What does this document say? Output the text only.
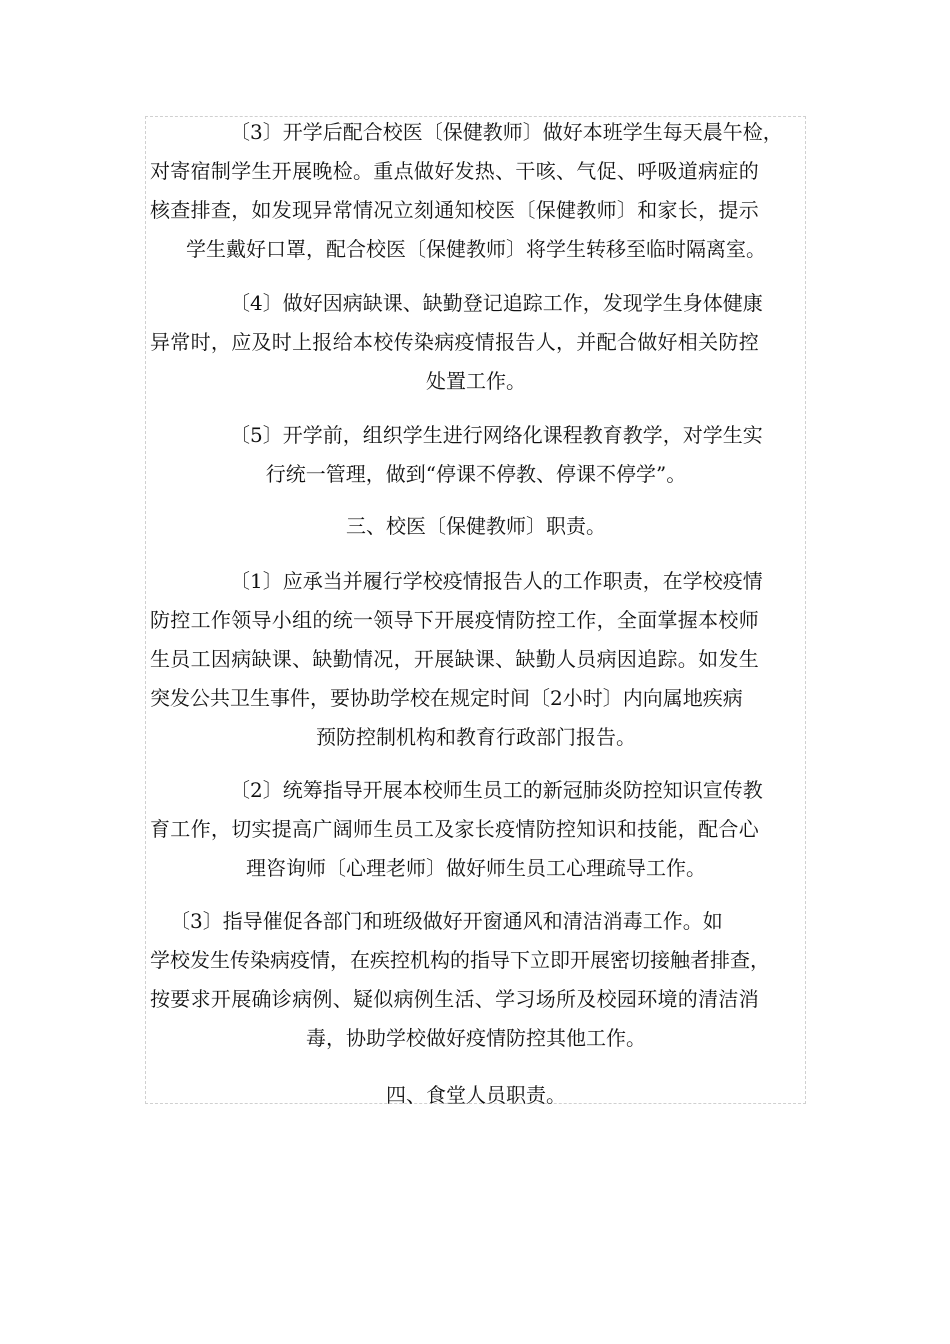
〔3〕开学后配合校医〔保健教师〕做好本班学生每天晨午检，
对寄宿制学生开展晚检。重点做好发热、干咳、气促、呼吸道病症的
核查排查，如发现异常情况立刻通知校医〔保健教师〕和家长，提示
学生戴好口罩，配合校医〔保健教师〕将学生转移至临时隔离室。
〔4〕做好因病缺课、缺勤登记追踪工作，发现学生身体健康
异常时，应及时上报给本校传染病疫情报告人，并配合做好相关防控
处置工作。
〔5〕开学前，组织学生进行网络化课程教育教学，对学生实
行统一管理，做到“停课不停教、停课不停学”。
三、校医〔保健教师〕职责。
〔1〕应承当并履行学校疫情报告人的工作职责，在学校疫情
防控工作领导小组的统一领导下开展疫情防控工作，全面掌握本校师
生员工因病缺课、缺勤情况，开展缺课、缺勤人员病因追踪。如发生
突发公共卫生事件，要协助学校在规定时间〔2小时〕内向属地疾病
预防控制机构和教育行政部门报告。
〔2〕统筹指导开展本校师生员工的新冠肺炎防控知识宣传教
育工作，切实提高广阔师生员工及家长疫情防控知识和技能，配合心
理咨询师〔心理老师〕做好师生员工心理疏导工作。
〔3〕指导催促各部门和班级做好开窗通风和清洁消毒工作。如
学校发生传染病疫情，在疾控机构的指导下立即开展密切接触者排查，
按要求开展确诊病例、疑似病例生活、学习场所及校园环境的清洁消
毒，协助学校做好疫情防控其他工作。
四、食堂人员职责。
